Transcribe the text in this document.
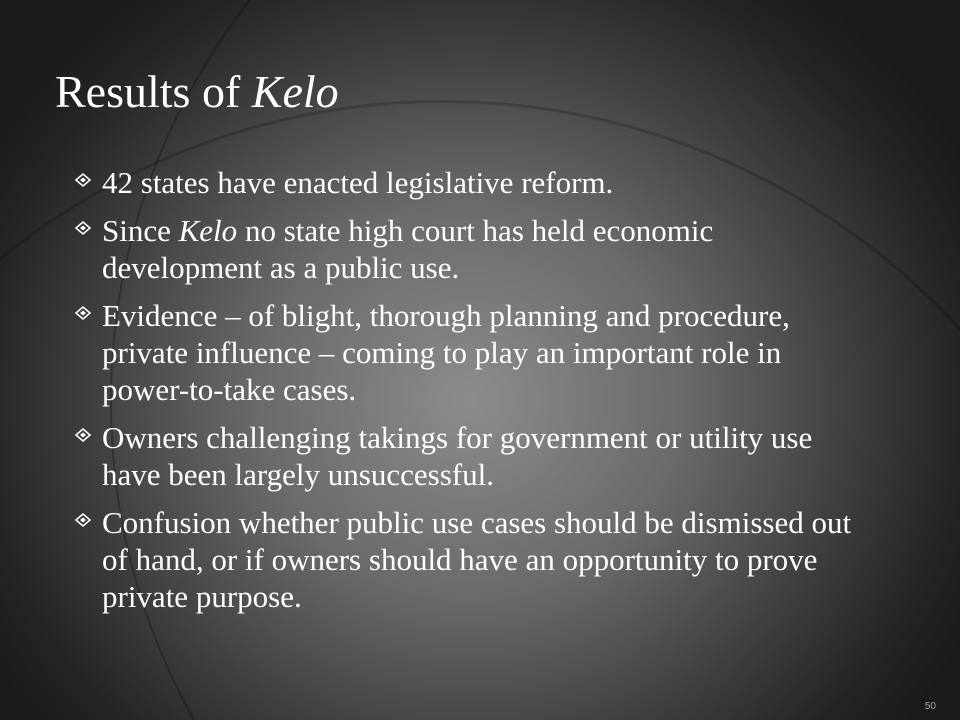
Results of Kelo
42 states have enacted legislative reform.
Since Kelo no state high court has held economic development as a public use.
Evidence – of blight, thorough planning and procedure, private influence – coming to play an important role in power-to-take cases.
Owners challenging takings for government or utility use have been largely unsuccessful.
Confusion whether public use cases should be dismissed out of hand, or if owners should have an opportunity to prove private purpose.
50
